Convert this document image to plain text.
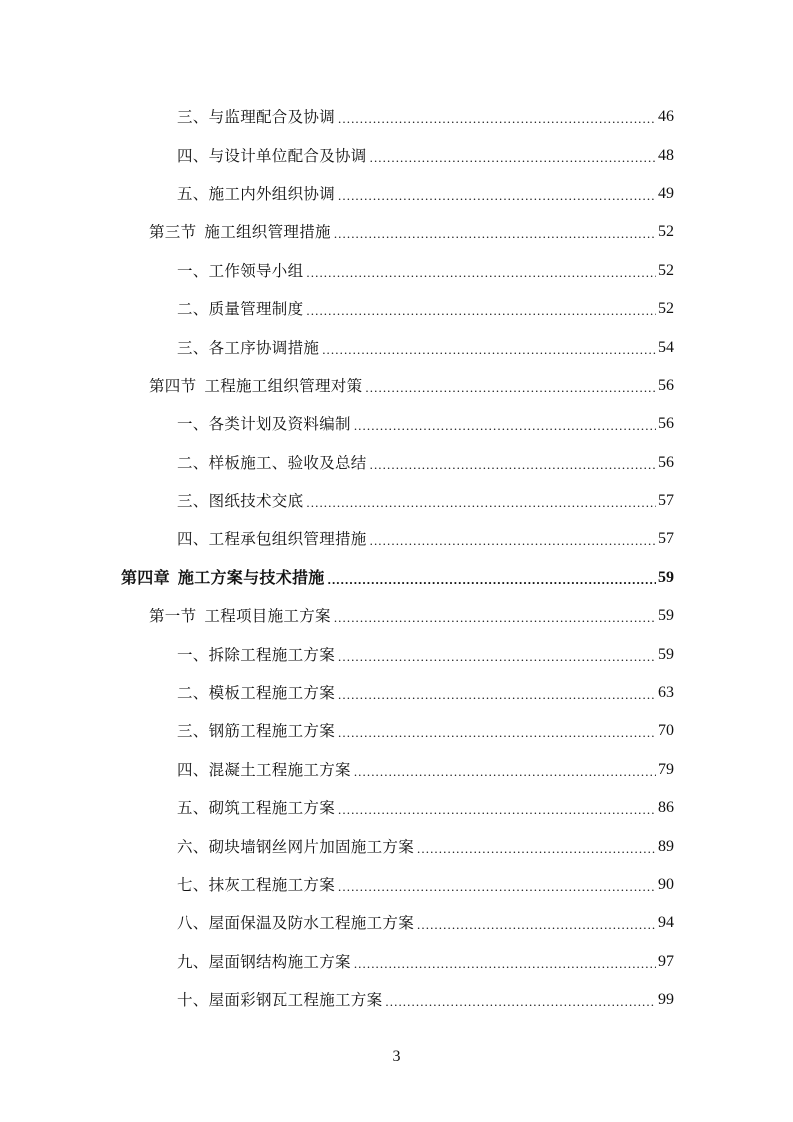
三、与监理配合及协调 .....	46
四、与设计单位配合及协调 .....	48
五、施工内外组织协调 .....	49
第三节 施工组织管理措施 .....	52
一、工作领导小组 .....	52
二、质量管理制度 .....	52
三、各工序协调措施 .....	54
第四节 工程施工组织管理对策 .....	56
一、各类计划及资料编制 .....	56
二、样板施工、验收及总结 .....	56
三、图纸技术交底 .....	57
四、工程承包组织管理措施 .....	57
第四章 施工方案与技术措施 .....	59
第一节 工程项目施工方案 .....	59
一、拆除工程施工方案 .....	59
二、模板工程施工方案 .....	63
三、钢筋工程施工方案 .....	70
四、混凝土工程施工方案 .....	79
五、砌筑工程施工方案 .....	86
六、砌块墙钢丝网片加固施工方案 .....	89
七、抹灰工程施工方案 .....	90
八、屋面保温及防水工程施工方案 .....	94
九、屋面钢结构施工方案 .....	97
十、屋面彩钢瓦工程施工方案 .....	99
3
